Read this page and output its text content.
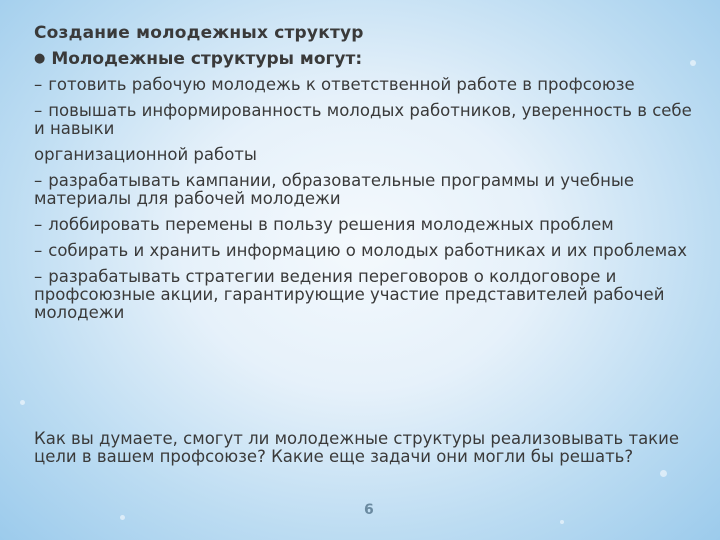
Создание молодежных структур
● Молодежные структуры могут:
– готовить рабочую молодежь к ответственной работе в профсоюзе
– повышать информированность молодых работников, уверенность в себе и навыки
организационной работы
– разрабатывать кампании, образовательные программы и учебные материалы для рабочей молодежи
– лоббировать перемены в пользу решения молодежных проблем
– собирать и хранить информацию о молодых работниках и их проблемах
– разрабатывать стратегии ведения переговоров о колдоговоре и профсоюзные акции, гарантирующие участие представителей рабочей молодежи
Как вы думаете, смогут ли молодежные структуры реализовывать такие цели в вашем профсоюзе? Какие еще задачи они могли бы решать?
6
